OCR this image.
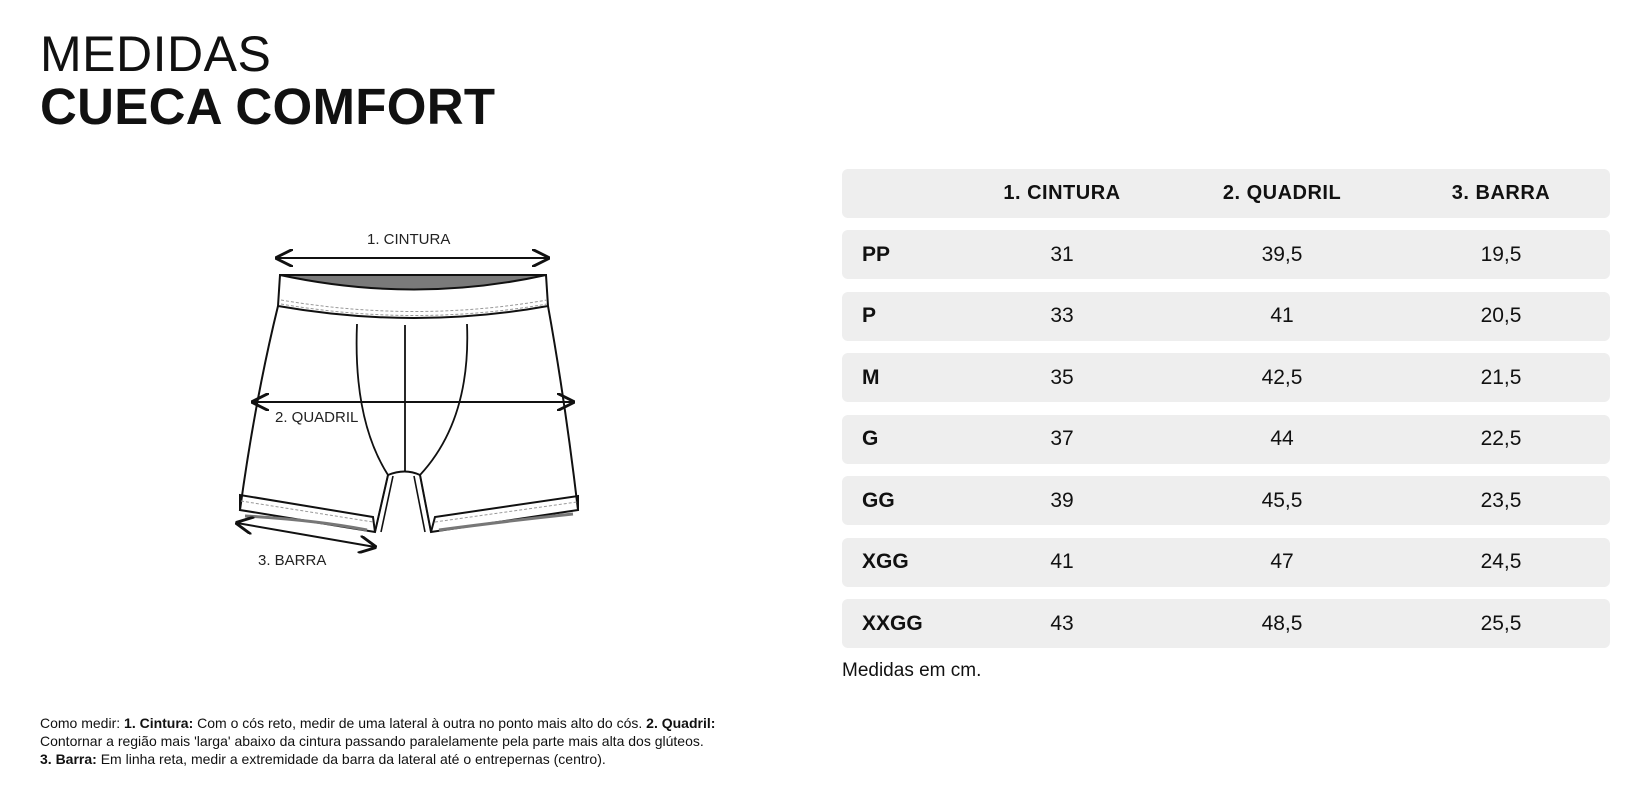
MEDIDAS
CUECA COMFORT
1. CINTURA
2. QUADRIL
3. BARRA
1. CINTURA	2. QUADRIL	3. BARRA
PP	31	39,5	19,5
P	33	41	20,5
M	35	42,5	21,5
G	37	44	22,5
GG	39	45,5	23,5
XGG	41	47	24,5
XXGG	43	48,5	25,5
Medidas em cm.
Como medir: 1. Cintura: Com o cós reto, medir de uma lateral à outra no ponto mais alto do cós. 2. Quadril: Contornar a região mais 'larga' abaixo da cintura passando paralelamente pela parte mais alta dos glúteos.
3. Barra: Em linha reta, medir a extremidade da barra da lateral até o entrepernas (centro).
